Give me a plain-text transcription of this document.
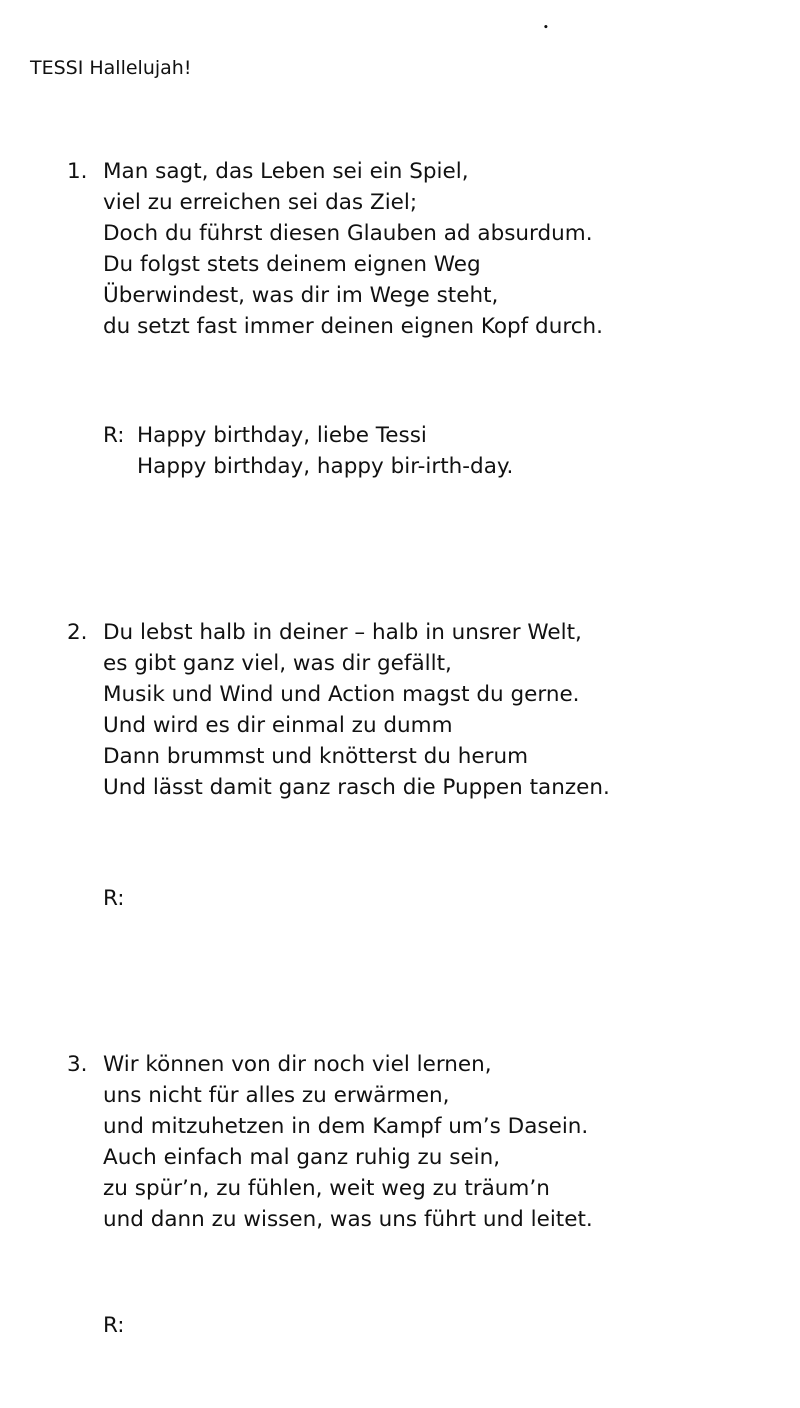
•
TESSI Hallelujah!
1. Man sagt, das Leben sei ein Spiel,
viel zu erreichen sei das Ziel;
Doch du führst diesen Glauben ad absurdum.
Du folgst stets deinem eignen Weg
Überwindest, was dir im Wege steht,
du setzt fast immer deinen eignen Kopf durch.
R: Happy birthday, liebe Tessi
Happy birthday, happy bir-irth-day.
2. Du lebst halb in deiner – halb in unsrer Welt,
es gibt ganz viel, was dir gefällt,
Musik und Wind und Action magst du gerne.
Und wird es dir einmal zu dumm
Dann brummst und knötterst du herum
Und lässt damit ganz rasch die Puppen tanzen.
R:
3. Wir können von dir noch viel lernen,
uns nicht für alles zu erwärmen,
und mitzuhetzen in dem Kampf um’s Dasein.
Auch einfach mal ganz ruhig zu sein,
zu spür’n, zu fühlen, weit weg zu träum’n
und dann zu wissen, was uns führt und leitet.
R:
